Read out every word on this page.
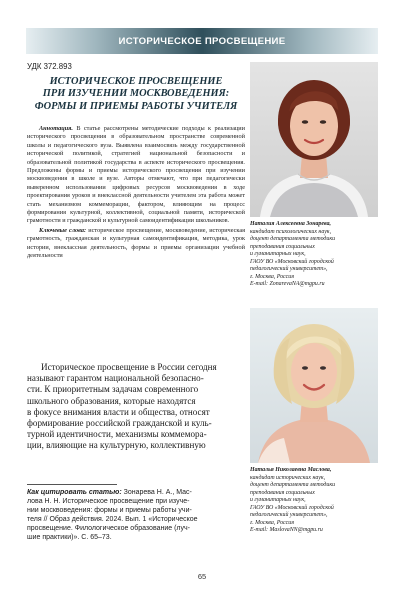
ИСТОРИЧЕСКОЕ ПРОСВЕЩЕНИЕ
УДК 372.893
ИСТОРИЧЕСКОЕ ПРОСВЕЩЕНИЕ
ПРИ ИЗУЧЕНИИ МОСКВОВЕДЕНИЯ:
ФОРМЫ И ПРИЕМЫ РАБОТЫ УЧИТЕЛЯ

Аннотация. В статье рассмотрены методические подходы к реализации исторического просвещения в образовательном пространстве современной школы и педагогического вуза. Выявлена взаимосвязь между государственной исторической политикой, стратегией национальной безопасности и образовательной политикой государства в аспекте исторического просвещения. Предложены формы и приемы исторического просвещения при изучении москвоведения в школе и вузе. Авторы отмечают, что при педагогически выверенном использовании цифровых ресурсов москвоведения в ходе проектирования уроков и внеклассной деятельности учителем эта работа может стать механизмом коммеморации, фактором, влияющим на процесс формирования культурной, коллективной, социальной памяти, исторической грамотности и гражданской и культурной самоидентификации школьников.

Ключевые слова: историческое просвещение, москвоведение, историческая грамотность, гражданская и культурная самоидентификация, методика, урок истории, внеклассная деятельность, формы и приемы организации учебной деятельности

Наталия Алексеевна Зонарева,
кандидат психологических наук,
доцент департамента методики
преподавания социальных
и гуманитарных наук,
ГАОУ ВО «Московский городской
педагогический университет»,
г. Москва, Россия
E-mail: ZonarevaNA@mgpu.ru
Историческое просвещение в России сегодня
называют гарантом национальной безопасно-
сти. К приоритетным задачам современного
школьного образования, которые находятся
в фокусе внимания власти и общества, относят
формирование российской гражданской и куль-
турной идентичности, механизмы коммемора-
ции, влияющие на культурную, коллективную
Наталья Николаевна Маслова,
кандидат исторических наук,
доцент департамента методики
преподавания социальных
и гуманитарных наук,
ГАОУ ВО «Московский городской
педагогический университет»,
г. Москва, Россия
E-mail: MaslovaNN@mgpu.ru
Как цитировать статью: Зонарева Н. А., Мас-
лова Н. Н. Историческое просвещение при изуче-
нии москвоведения: формы и приемы работы учи-
теля // Образ действия. 2024. Вып. 1 «Историческое
просвещение. Филологическое образование (луч-
шие практики)». С. 65–73.
65
